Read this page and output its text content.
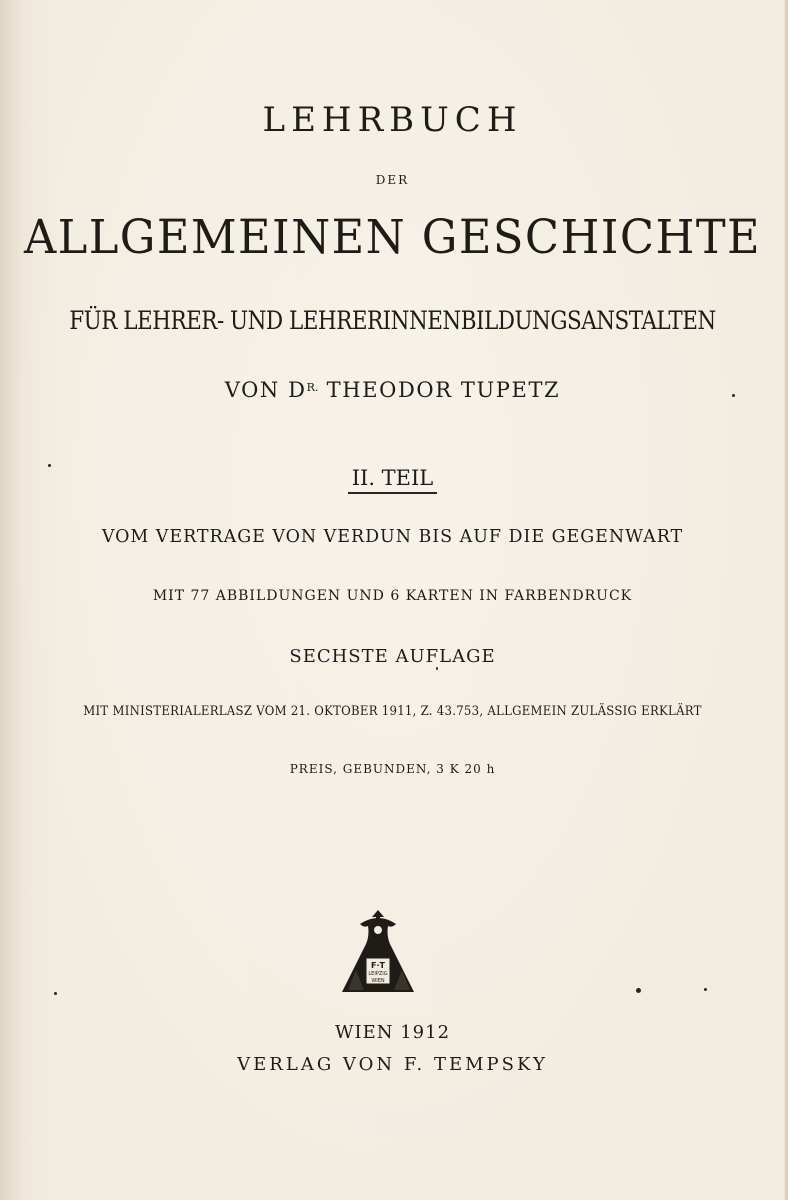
LEHRBUCH
DER
ALLGEMEINEN GESCHICHTE
FÜR LEHRER- UND LEHRERINNENBILDUNGSANSTALTEN
VON $D^{R.}$ THEODOR TUPETZ
II. TEIL
VOM VERTRAGE VON VERDUN BIS AUF DIE GEGENWART
MIT 77 ABBILDUNGEN UND 6 KARTEN IN FARBENDRUCK
SECHSTE AUFLAGE
MIT MINISTERIALERLASZ VOM 21. OKTOBER 1911, Z. 43.753, ALLGEMEIN ZULÄSSIG ERKLÄRT
PREIS, GEBUNDEN, 3 K 20 h
F·T
LEIPZIG
WIEN
WIEN 1912
VERLAG VON F. TEMPSKY
